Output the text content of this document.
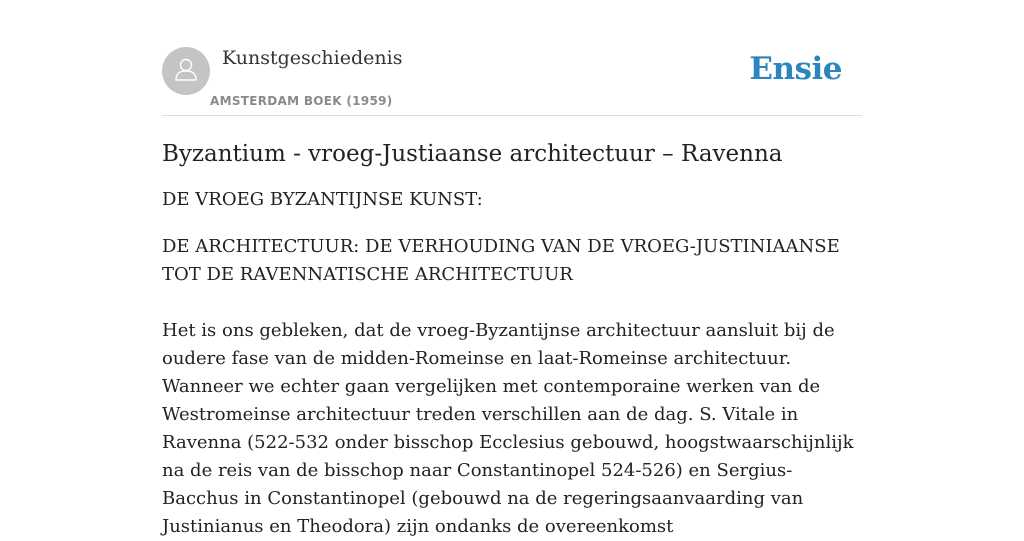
Kunstgeschiedenis
AMSTERDAM BOEK (1959)
Ensie
Byzantium - vroeg-Justiaanse architectuur – Ravenna
DE VROEG BYZANTIJNSE KUNST:
DE ARCHITECTUUR: DE VERHOUDING VAN DE VROEG-JUSTINIAANSE TOT DE RAVENNATISCHE ARCHITECTUUR

Het is ons gebleken, dat de vroeg-Byzantijnse architectuur aansluit bij de oudere fase van de midden-Romeinse en laat-Romeinse architectuur. Wanneer we echter gaan vergelijken met contemporaine werken van de Westromeinse architectuur treden verschillen aan de dag. S. Vitale in Ravenna (522-532 onder bisschop Ecclesius gebouwd, hoogstwaarschijnlijk na de reis van de bisschop naar Constantinopel 524-526) en Sergius-Bacchus in Constantinopel (gebouwd na de regeringsaanvaarding van Justinianus en Theodora) zijn ondanks de overeenkomst
